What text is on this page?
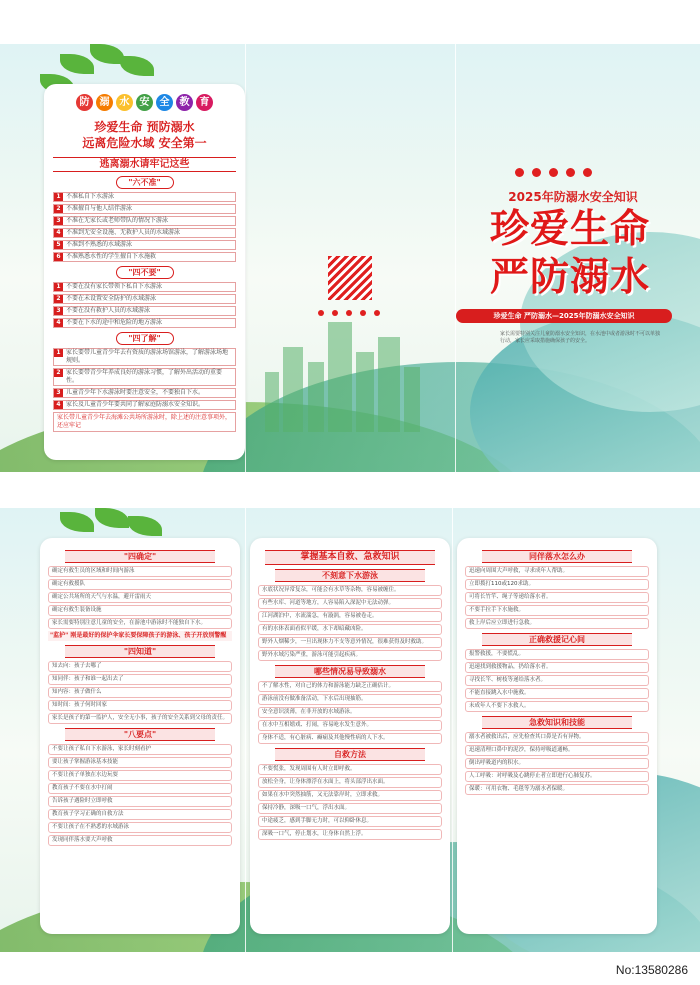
防	溺	水	安	全	教	育
珍爱生命 预防溺水
远离危险水域 安全第一
逃离溺水请牢记这些
"六不准"
1 不准私自下水游泳
2 不准擅自与他人结伴游泳
3 不准在无家长或老师带队的情况下游泳
4 不准到无安全设施、无救护人员的水域游泳
5 不准到不熟悉的水域游泳
6 不准熟悉水性的学生擅自下水施救
"四不要"
1 不要在没有家长带领下私自下水游泳
2 不要在未设置安全防护的水域游泳
3 不要在没有救护人员的水域游泳
4 不要在下水的途中和危险的地方游泳
"四了解"
1 家长要带儿童青少年去有资质的游泳场馆游泳，了解游泳场地规则。
2 家长要带青少年养成良好的游泳习惯，了解外出活动的重要性。
3 儿童青少年下水游泳时要注意安全，不要独自下水。
4 家长及儿童青少年要共同了解家庭防溺水安全知识。
家长带儿童青少年去海滩公共场所游泳时，除上述的注意事项外，还应牢记
2025年防溺水安全知识
珍爱生命
严防溺水
珍爱生命 严防溺水—2025年防溺水安全知识
家长需要特别关注儿童防溺水安全知识，在水池中或者游泳时不可以单独行动，家长应采取措施确保孩子的安全。
"四确定"
确定有救生员的区域和时间内游泳
确定有救援队
确定公共场所的天气与水温，避开雷雨天
确定有救生装备设施
家长需要特别注意儿童的安全，在游池中游泳时不能独自下水。
"监护" 刚是最好的保护伞家长要保障孩子的游泳、孩子开放别警醒
"四知道"
知去向：孩子去哪了
知同伴：孩子和谁一起出去了
知内容：孩子做什么
知时间：孩子何时回家
家长是孩子的第一监护人，安全无小事，孩子的安全关系到父母的责任。
"八要点"
不要让孩子私自下水游泳，家长时刻看护
要让孩子掌握游泳基本技能
不要让孩子单独在水边玩耍
教育孩子不要在水中打闹
告诉孩子遇险时立即呼救
教育孩子学习正确的自救方法
不要让孩子在不熟悉的水域游泳
发现同伴落水要大声呼救
掌握基本自救、急救知识
不刻意下水游泳
水底状况异常复杂，可能会有水草等杂物，容易被缠住。
有些水库、河道等地方，人容易陷入深泥中无法动弹。
江河湖泊中，水流湍急，有漩涡，容易被卷走。
有的水体表面看似平缓，水下却暗藏凶险。
野外人烟稀少，一旦出现体力不支等意外情况，很难获得及时救助。
野外水域污染严重，游泳可能引起疾病。
哪些情况易导致溺水
不了解水性，对自己的体力和游泳能力缺乏正确估计。
游泳前没有做准备活动，下水后出现抽筋。
安全意识淡薄，在非开放的水域游泳。
在水中互相嬉戏、打闹，容易呛水发生意外。
身体不适，有心脏病、癫痫及其他慢性病的人下水。
自救方法
不要慌张，发现周围有人时立即呼救。
放松全身，让身体漂浮在水面上，将头部浮出水面。
如果在水中突然抽筋，又无法靠岸时，立即求救。
保持冷静，深吸一口气，浮出水面。
中途疲乏，感到手脚无力时，可以仰卧休息。
深吸一口气，停止划水，让身体自然上浮。
同伴落水怎么办
迅速向周围大声呼救，寻求成年人帮助。
立即拨打110或120求助。
可将长竹竿、绳子等递给落水者。
不要手拉手下水施救。
救上岸后应立即进行急救。
正确救援记心间
报警救援，不要慌乱。
迅速找到救援物品，扔给落水者。
寻找长竿、树枝等递给落水者。
不能直接跳入水中施救。
未成年人不要下水救人。
急救知识和技能
溺水者被救出后，应先检查其口鼻是否有异物。
迅速清理口鼻中的泥沙，保持呼吸道通畅。
倒出呼吸道内的积水。
人工呼吸：对呼吸及心跳停止者立即进行心肺复苏。
保暖：可用衣物、毛毯等为溺水者保暖。
No:13580286
